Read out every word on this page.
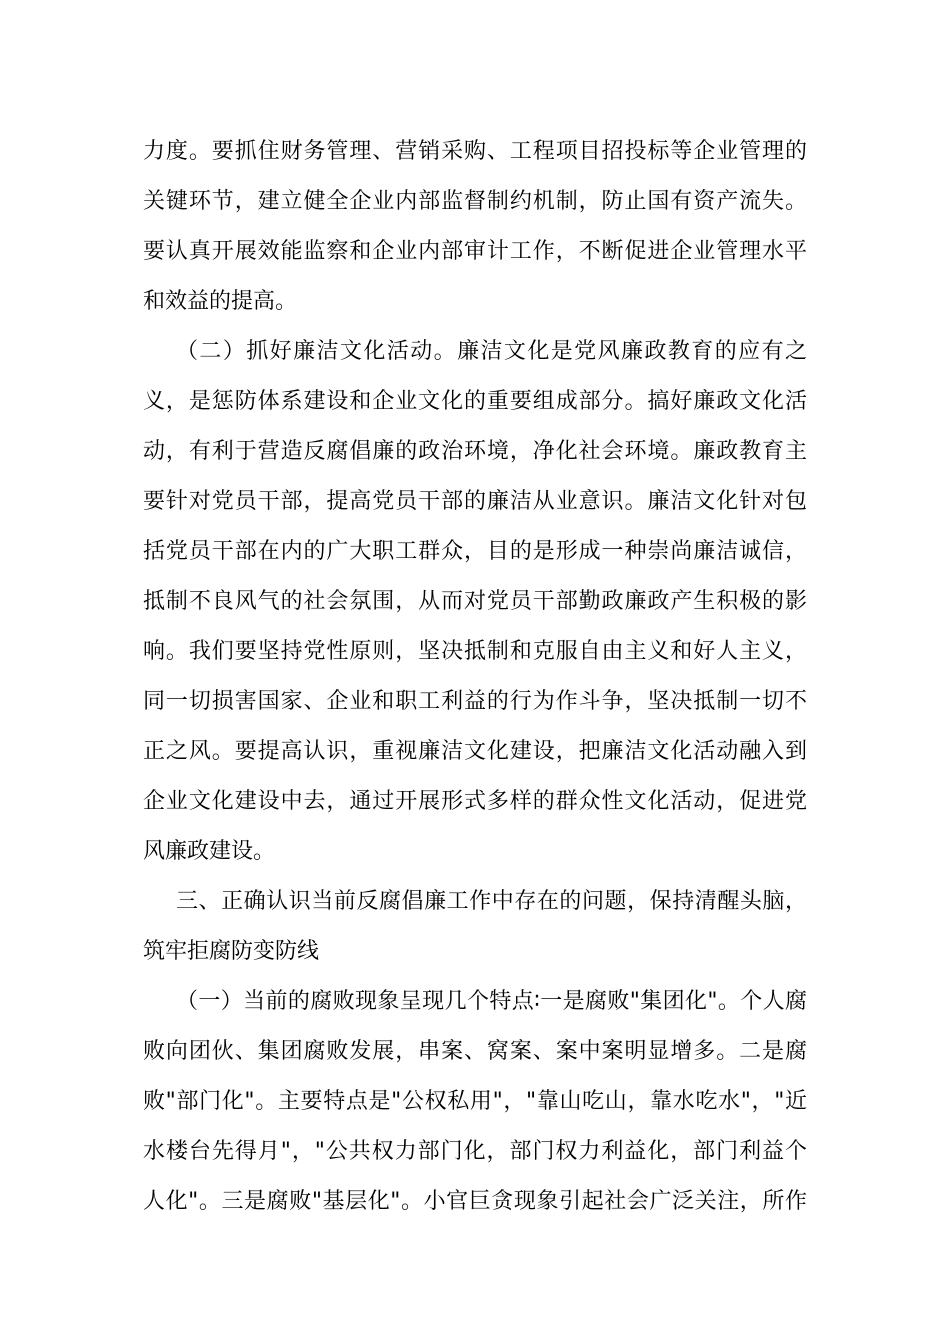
力度。要抓住财务管理、营销采购、工程项目招投标等企业管理的
关键环节，建立健全企业内部监督制约机制，防止国有资产流失。
要认真开展效能监察和企业内部审计工作，不断促进企业管理水平
和效益的提高。
（二）抓好廉洁文化活动。廉洁文化是党风廉政教育的应有之
义，是惩防体系建设和企业文化的重要组成部分。搞好廉政文化活
动，有利于营造反腐倡廉的政治环境，净化社会环境。廉政教育主
要针对党员干部，提高党员干部的廉洁从业意识。廉洁文化针对包
括党员干部在内的广大职工群众，目的是形成一种崇尚廉洁诚信，
抵制不良风气的社会氛围，从而对党员干部勤政廉政产生积极的影
响。我们要坚持党性原则，坚决抵制和克服自由主义和好人主义，
同一切损害国家、企业和职工利益的行为作斗争，坚决抵制一切不
正之风。要提高认识，重视廉洁文化建设，把廉洁文化活动融入到
企业文化建设中去，通过开展形式多样的群众性文化活动，促进党
风廉政建设。
三、正确认识当前反腐倡廉工作中存在的问题，保持清醒头脑，
筑牢拒腐防变防线
（一）当前的腐败现象呈现几个特点∶一是腐败"集团化"。个人腐
败向团伙、集团腐败发展，串案、窝案、案中案明显增多。二是腐
败"部门化"。主要特点是"公权私用"，"靠山吃山，靠水吃水"，"近
水楼台先得月"，"公共权力部门化，部门权力利益化，部门利益个
人化"。三是腐败"基层化"。小官巨贪现象引起社会广泛关注，所作
